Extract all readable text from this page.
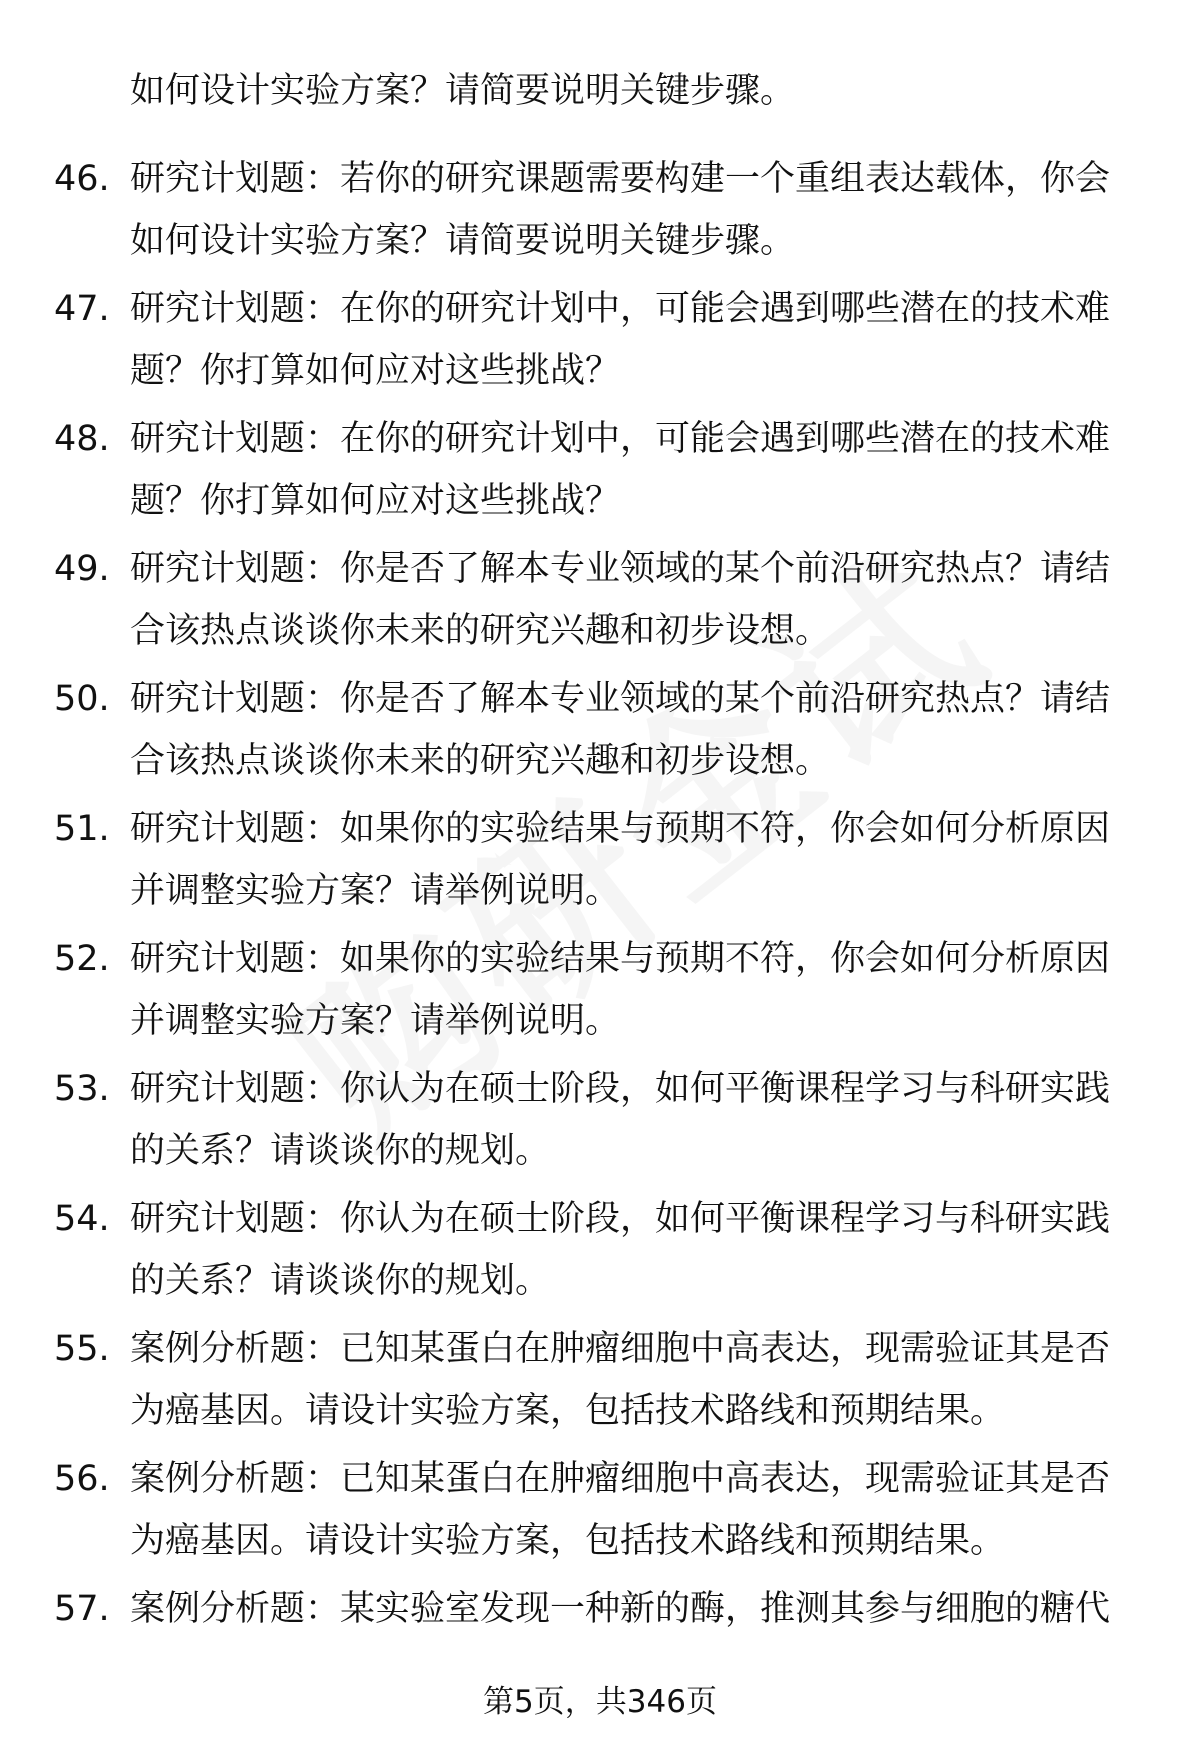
如何设计实验方案？请简要说明关键步骤。
46. 研究计划题：若你的研究课题需要构建一个重组表达载体，你会如何设计实验方案？请简要说明关键步骤。
47. 研究计划题：在你的研究计划中，可能会遇到哪些潜在的技术难题？你打算如何应对这些挑战？
48. 研究计划题：在你的研究计划中，可能会遇到哪些潜在的技术难题？你打算如何应对这些挑战？
49. 研究计划题：你是否了解本专业领域的某个前沿研究热点？请结合该热点谈谈你未来的研究兴趣和初步设想。
50. 研究计划题：你是否了解本专业领域的某个前沿研究热点？请结合该热点谈谈你未来的研究兴趣和初步设想。
51. 研究计划题：如果你的实验结果与预期不符，你会如何分析原因并调整实验方案？请举例说明。
52. 研究计划题：如果你的实验结果与预期不符，你会如何分析原因并调整实验方案？请举例说明。
53. 研究计划题：你认为在硕士阶段，如何平衡课程学习与科研实践的关系？请谈谈你的规划。
54. 研究计划题：你认为在硕士阶段，如何平衡课程学习与科研实践的关系？请谈谈你的规划。
55. 案例分析题：已知某蛋白在肿瘤细胞中高表达，现需验证其是否为癌基因。请设计实验方案，包括技术路线和预期结果。
56. 案例分析题：已知某蛋白在肿瘤细胞中高表达，现需验证其是否为癌基因。请设计实验方案，包括技术路线和预期结果。
57. 案例分析题：某实验室发现一种新的酶，推测其参与细胞的糖代
第5页，共346页
